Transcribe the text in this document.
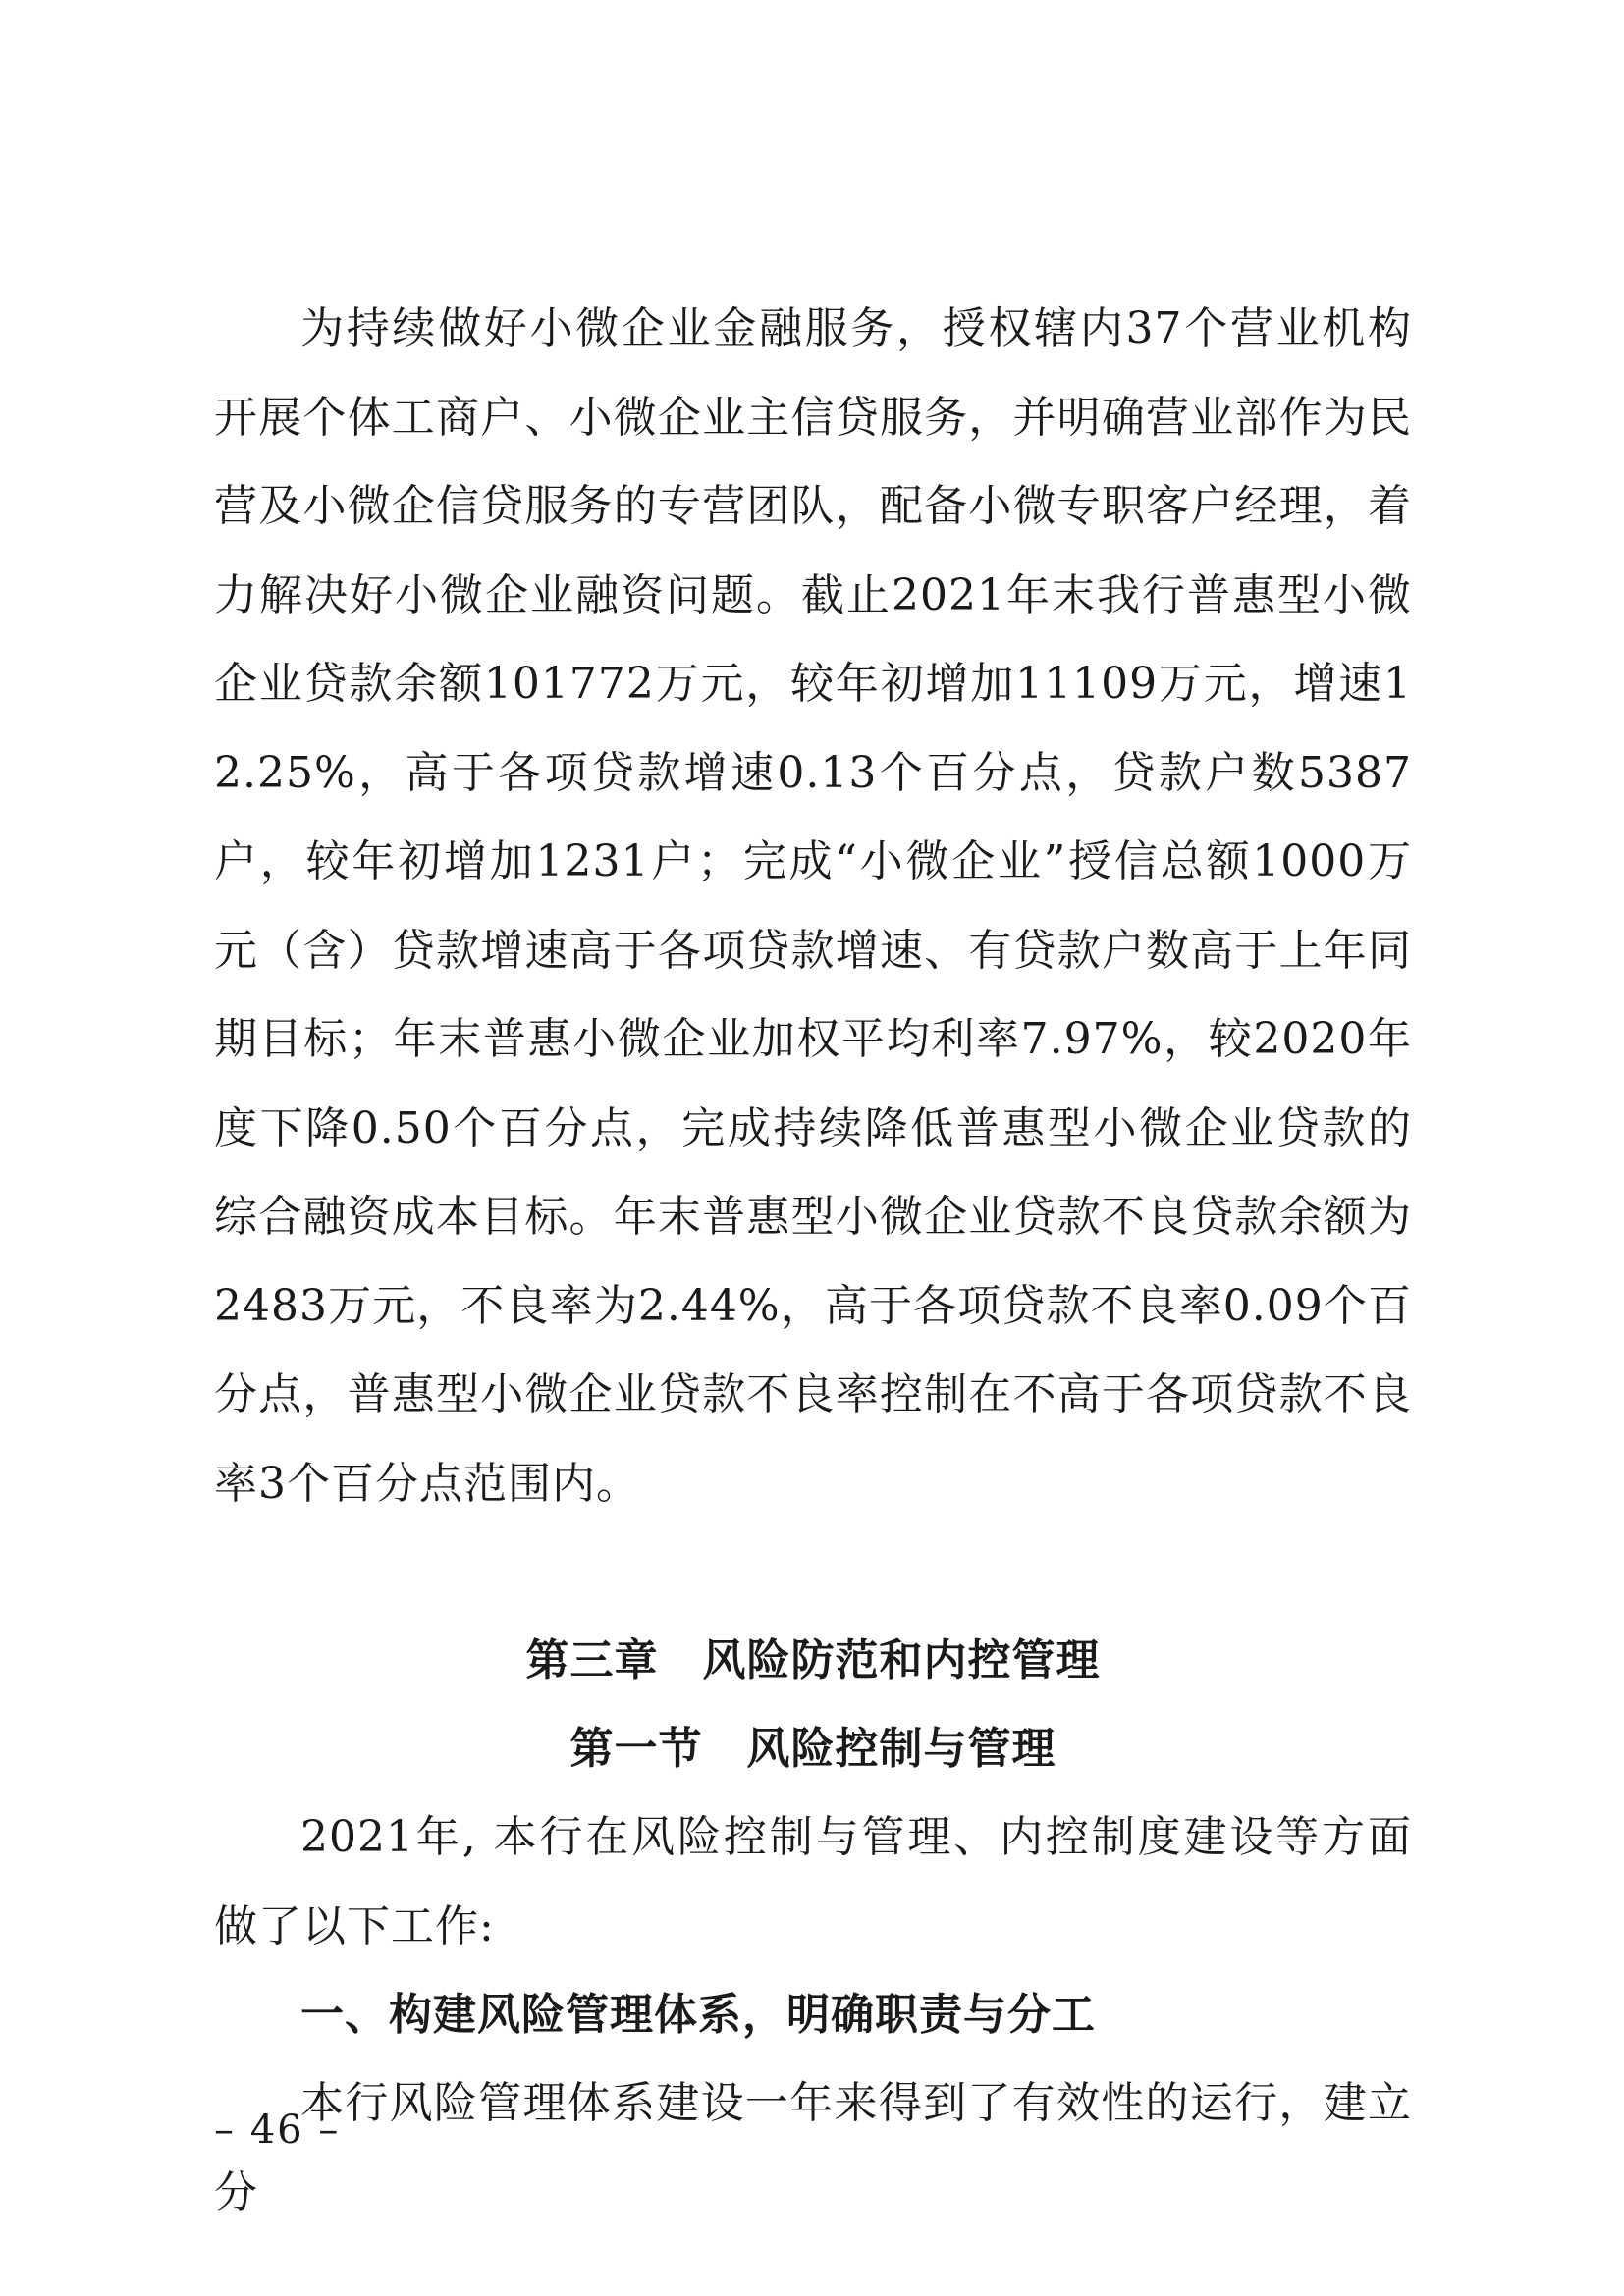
为持续做好小微企业金融服务，授权辖内37个营业机构开展个体工商户、小微企业主信贷服务，并明确营业部作为民营及小微企信贷服务的专营团队，配备小微专职客户经理，着力解决好小微企业融资问题。截止2021年末我行普惠型小微企业贷款余额101772万元，较年初增加11109万元，增速12.25%，高于各项贷款增速0.13个百分点，贷款户数5387户，较年初增加1231户；完成“小微企业”授信总额1000万元（含）贷款增速高于各项贷款增速、有贷款户数高于上年同期目标；年末普惠小微企业加权平均利率7.97%，较2020年度下降0.50个百分点，完成持续降低普惠型小微企业贷款的综合融资成本目标。年末普惠型小微企业贷款不良贷款余额为2483万元，不良率为2.44%，高于各项贷款不良率0.09个百分点，普惠型小微企业贷款不良率控制在不高于各项贷款不良率3个百分点范围内。

第三章　风险防范和内控管理
第一节　风险控制与管理

2021年, 本行在风险控制与管理、内控制度建设等方面做了以下工作:

一、构建风险管理体系，明确职责与分工

本行风险管理体系建设一年来得到了有效性的运行，建立分

– 46 –
